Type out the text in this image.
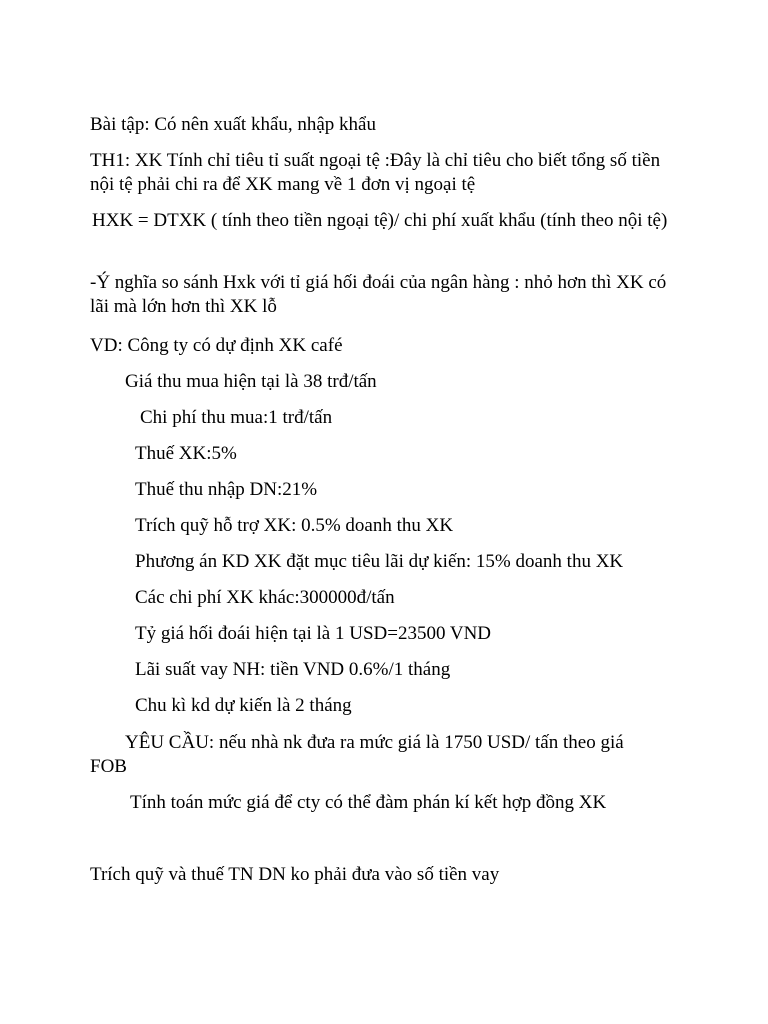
Bài tập: Có nên xuất khẩu, nhập khẩu
TH1: XK Tính chỉ tiêu tỉ suất ngoại tệ :Đây là chỉ tiêu cho biết tổng số tiền nội tệ phải chi ra để XK mang về 1 đơn vị ngoại tệ
HXK = DTXK ( tính theo tiền ngoại tệ)/ chi phí xuất khẩu (tính theo nội tệ)
-Ý nghĩa so sánh Hxk với tỉ giá hối đoái của ngân hàng : nhỏ hơn thì XK có lãi mà lớn hơn thì XK lỗ
VD: Công ty có dự định XK café
Giá thu mua hiện tại là 38 trđ/tấn
Chi phí thu mua:1 trđ/tấn
Thuế XK:5%
Thuế thu nhập DN:21%
Trích quỹ hỗ trợ XK: 0.5% doanh thu XK
Phương án KD XK đặt mục tiêu lãi dự kiến: 15% doanh thu XK
Các chi phí XK khác:300000đ/tấn
Tỷ giá hối đoái hiện tại là 1 USD=23500 VND
Lãi suất vay NH: tiền VND 0.6%/1 tháng
Chu kì kd dự kiến là 2 tháng
YÊU CẦU: nếu nhà nk đưa ra mức giá là 1750 USD/ tấn theo giá
FOB
Tính toán mức giá để cty có thể đàm phán kí kết hợp đồng XK
Trích quỹ và thuế TN DN ko phải đưa vào số tiền vay
